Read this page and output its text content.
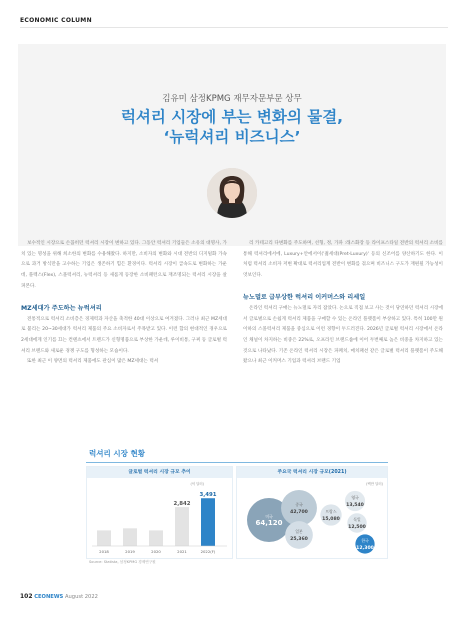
ECONOMIC COLUMN
김유미 삼정KPMG 재무자문부문 상무
럭셔리 시장에 부는 변화의 물결,
‘뉴럭셔리 비즈니스’

보수적인 시장으로 손꼽히던 럭셔리 시장이 변하고 있다. 그동안 럭셔리 기업들은 소유의 대명사, 가치 있는 명성을 위해 희소한의 변화를 수용해왔다. 하지만, 소비자의 변화와 시대 전반의 디지털화 가속으로 과거 방식만을 고수하는 기업은 생존하기 힘든 환경이다. 럭셔리 시장이 급속도로 변화하는 가운데, 플렉스(Flex), 스몰럭셔리, 뉴럭셔리 등 새롭게 등장한 소비패턴으로 재조명되는 럭셔리 시장을 살펴본다.

MZ세대가 주도하는 뉴럭셔리

전통적으로 럭셔리 소비층은 경제력과 자산을 축적한 40대 이상으로 여겨졌다. 그러나 최근 MZ세대로 불리는 20~30세대가 럭셔리 제품의 주요 소비자로서 주목받고 있다. 이런 합의 현대적인 경우으로 2세대에게 인기를 끄는 컨텐츠에서 트렌드가 신형명품으로 부상한 가운데, 루이비통, 구찌 등 글로벌 럭셔리 브랜드와 새로운 경쟁 구도를 형성하는 모습이다.

또한 최근 이 양면의 럭셔리 제품에도 관심이 많은 MZ세대는 럭셔

리 카테고리 다변화를 주도하며, 선형, 정, 가파 :래스화장 등 라이프스타일 전반의 럭셔리 소비를 통해 럭셔리에서에, Luxury+안에서이('젊세대(Pret-Luxury)' 등의 신조어를 양산하기도 한다. 이처럼 럭셔리 소비자 저변 확대로 럭셔리업계 전반이 변화를 겪으며 비즈니스 구도가 재편될 가능성이 엿보인다.

뉴노멀로 급부상한 럭셔리 이커머스와 리세일

온라인 럭셔리 구매는 뉴노멀로 자리 잡았다. 논으로 직접 보고 사는 것이 당연하던 럭셔리 시장에서 글로벌으로 손쉽게 럭셔리 제품을 구매할 수 있는 온라인 플랫폼이 부상하고 있다. 특히 100만 원 이하의 스몰럭셔리 제품을 중심으로 이런 경향이 두드러진다. 2026년 글로벌 럭셔리 시장에서 온라인 채널이 차지하는 비중은 22%로, 오프라인 브랜드숍에 이어 두번째로 높은 비중을 차지하고 있는 것으로 나타났다. 기존 온라인 럭셔리 시장은 파페치, 매치패션 같은 글로벌 럭셔리 플랫폼이 주도해왔으나 최근 이커머스 기업과 럭셔리 브랜드 기업

럭셔리 시장 현황
글로벌 럭셔리 시장 규모 추이
(억 달러)
2018	2019	2020
2,842
2021
3,491
2022(F)
주요국 럭셔리 시장 규모(2021)
(백만 달러)
미국
64,120
중국
42,700
일본
25,360
프랑스
15,080
영국
13,540
독일
12,500
한국
12,300
Source: Statista, 삼정KPMG 경제연구원
102 CEONEWS August 2022
